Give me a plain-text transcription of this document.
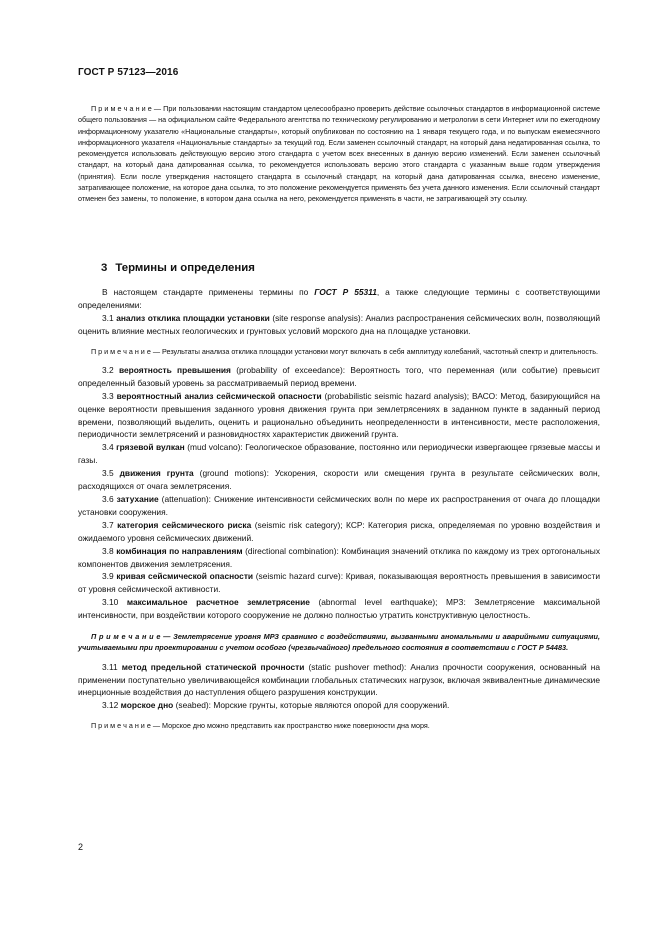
ГОСТ Р 57123—2016

П р и м е ч а н и е — При пользовании настоящим стандартом целесообразно проверить действие ссылочных стандартов в информационной системе общего пользования — на официальном сайте Федерального агентства по техническому регулированию и метрологии в сети Интернет или по ежегодному информационному указателю «Национальные стандарты», который опубликован по состоянию на 1 января текущего года, и по выпускам ежемесячного информационного указателя «Национальные стандарты» за текущий год. Если заменен ссылочный стандарт, на который дана недатированная ссылка, то рекомендуется использовать действующую версию этого стандарта с учетом всех внесенных в данную версию изменений. Если заменен ссылочный стандарт, на который дана датированная ссылка, то рекомендуется использовать версию этого стандарта с указанным выше годом утверждения (принятия). Если после утверждения настоящего стандарта в ссылочный стандарт, на который дана датированная ссылка, внесено изменение, затрагивающее положение, на которое дана ссылка, то это положение рекомендуется применять без учета данного изменения. Если ссылочный стандарт отменен без замены, то положение, в котором дана ссылка на него, рекомендуется применять в части, не затрагивающей эту ссылку.

3 Термины и определения

В настоящем стандарте применены термины по ГОСТ Р 55311, а также следующие термины с соответствующими определениями:

3.1 анализ отклика площадки установки (site response analysis): Анализ распространения сейсмических волн, позволяющий оценить влияние местных геологических и грунтовых условий морского дна на площадке установки.

П р и м е ч а н и е — Результаты анализа отклика площадки установки могут включать в себя амплитуду колебаний, частотный спектр и длительность.

3.2 вероятность превышения (probability of exceedance): Вероятность того, что переменная (или событие) превысит определенный базовый уровень за рассматриваемый период времени.

3.3 вероятностный анализ сейсмической опасности (probabilistic seismic hazard analysis); ВАСО: Метод, базирующийся на оценке вероятности превышения заданного уровня движения грунта при землетрясениях в заданном пункте в заданный период времени, позволяющий выделить, оценить и рационально объединить неопределенности в интенсивности, месте расположения, периодичности землетрясений и разновидностях характеристик движений грунта.

3.4 грязевой вулкан (mud volcano): Геологическое образование, постоянно или периодически извергающее грязевые массы и газы.

3.5 движения грунта (ground motions): Ускорения, скорости или смещения грунта в результате сейсмических волн, расходящихся от очага землетрясения.

3.6 затухание (attenuation): Снижение интенсивности сейсмических волн по мере их распространения от очага до площадки установки сооружения.

3.7 категория сейсмического риска (seismic risk category); КСР: Категория риска, определяемая по уровню воздействия и ожидаемого уровня сейсмических движений.

3.8 комбинация по направлениям (directional combination): Комбинация значений отклика по каждому из трех ортогональных компонентов движения землетрясения.

3.9 кривая сейсмической опасности (seismic hazard curve): Кривая, показывающая вероятность превышения в зависимости от уровня сейсмической активности.

3.10 максимальное расчетное землетрясение (abnormal level earthquake); МРЗ: Землетрясение максимальной интенсивности, при воздействии которого сооружение не должно полностью утратить конструктивную целостность.

П р и м е ч а н и е — Землетрясение уровня МРЗ сравнимо с воздействиями, вызванными аномальными и аварийными ситуациями, учитываемыми при проектировании с учетом особого (чрезвычайного) предельного состояния в соответствии с ГОСТ Р 54483.

3.11 метод предельной статической прочности (static pushover method): Анализ прочности сооружения, основанный на применении поступательно увеличивающейся комбинации глобальных статических нагрузок, включая эквивалентные динамические инерционные воздействия до наступления общего разрушения конструкции.

3.12 морское дно (seabed): Морские грунты, которые являются опорой для сооружений.

П р и м е ч а н и е — Морское дно можно представить как пространство ниже поверхности дна моря.

2
